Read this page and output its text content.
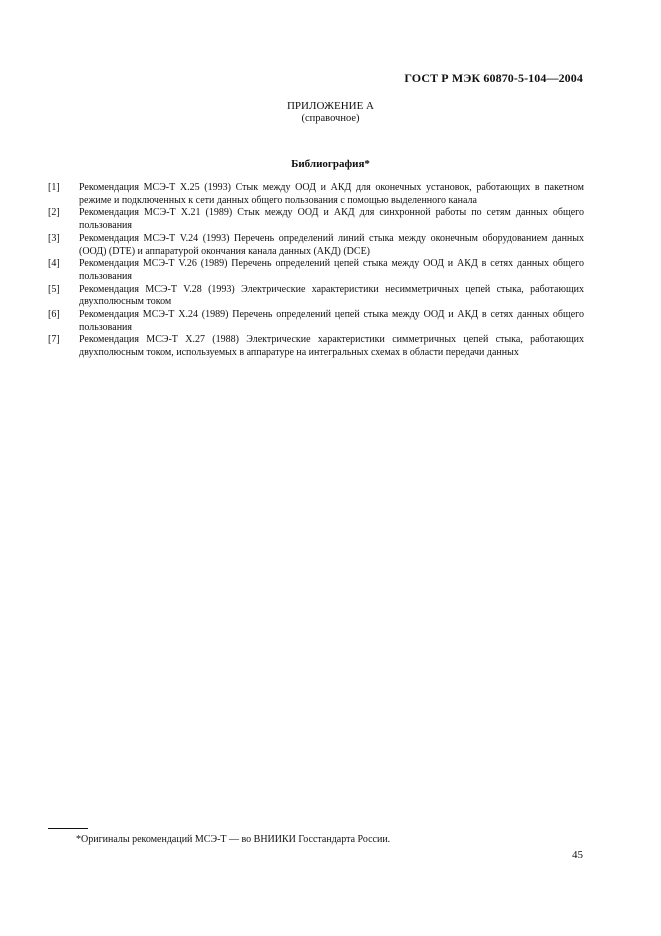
ГОСТ Р МЭК 60870-5-104—2004
ПРИЛОЖЕНИЕ А
(справочное)
Библиография*
[1]	Рекомендация МСЭ-Т X.25 (1993) Стык между ООД и АКД для оконечных установок, работающих в пакетном режиме и подключенных к сети данных общего пользования с помощью выделенного канала
[2]	Рекомендация МСЭ-Т X.21 (1989) Стык между ООД и АКД для синхронной работы по сетям данных общего пользования
[3]	Рекомендация МСЭ-Т V.24 (1993) Перечень определений линий стыка между оконечным оборудованием данных (ООД) (DTE) и аппаратурой окончания канала данных (АКД) (DCE)
[4]	Рекомендация МСЭ-Т V.26 (1989) Перечень определений цепей стыка между ООД и АКД в сетях данных общего пользования
[5]	Рекомендация МСЭ-Т V.28 (1993) Электрические характеристики несимметричных цепей стыка, работающих двухполюсным током
[6]	Рекомендация МСЭ-Т X.24 (1989) Перечень определений цепей стыка между ООД и АКД в сетях данных общего пользования
[7]	Рекомендация МСЭ-Т X.27 (1988) Электрические характеристики симметричных цепей стыка, работающих двухполюсным током, используемых в аппаратуре на интегральных схемах в области передачи данных
*Оригиналы рекомендаций МСЭ-Т — во ВНИИКИ Госстандарта России.
45
